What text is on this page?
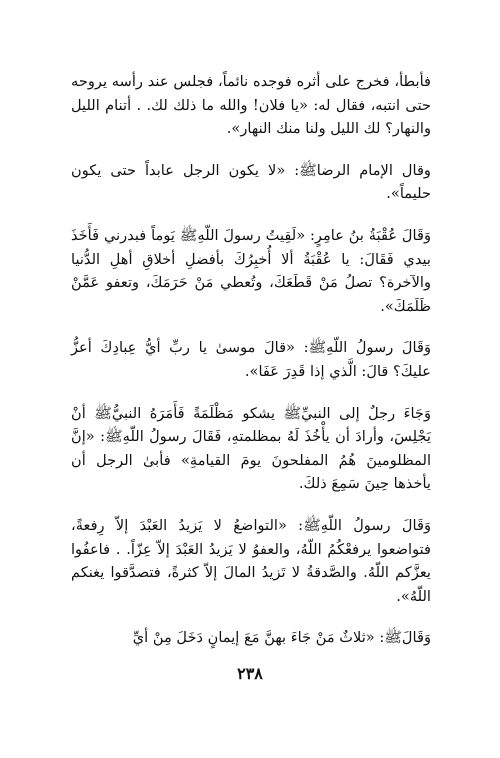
فأبطأ، فخرج على أثره فوجده نائماً، فجلس عند رأسه يروحه حتى انتبه، فقال له: «يا فلان! والله ما ذلك لك. . أتنام الليل والنهار؟ لك الليل ولنا منك النهار».

وقال الإمام الرضاﷺ: «لا يكون الرجل عابداً حتى يكون حليماً».

وَقَالَ عُقْبَةُ بنُ عامِرٍ: «لَقِيتُ رسولَ اللّهِﷺ يَوماً فبدرني فَأَخَذَ بيدي فَقَالَ: يا عُقْبَةُ ألا أُخبِرُكَ بأفضلِ أخلاقِ أهلِ الدُّنيا والآخرة؟ تصلُ مَنْ قَطَعَكَ، وتُعطي مَنْ حَرَمَكَ، وتعفو عَمَّنْ ظَلَمَكَ».

وَقَالَ رسولُ اللّهِﷺ: «قالَ موسىٰ يا ربِّ أيُّ عِبادِكَ أعزُّ عليكَ؟ قالَ: الَّذي إذا قَدِرَ عَفَا».

وَجَاءَ رجلٌ إلى النبيِّﷺ يشكو مَظْلَمَةً فَأَمَرَهُ النبيُّﷺ أنْ يَجْلِسَ، وأرادَ أن يأْخُذَ لَهُ بمظلمتهِ، فَقَالَ رسولُ اللّهِﷺ: «إنَّ المظلومينَ هُمُ المفلحونَ يومَ القيامةِ» فأبىٰ الرجل أن يأخذها حِينَ سَمِعَ ذلكَ.

وَقَالَ رسولُ اللّهِﷺ: «التواضعُ لا يَزيدُ العَبْدَ إلاّ رِفعةً، فتواضعوا يرفعْكُمُ اللّهُ، والعفوُ لا يَزيدُ العَبْدَ إلاّ عِزّاً. . فاعفُوا يعزَّكم اللّهُ. والصَّدقةُ لا تَزيدُ المالَ إلاّ كثرةً، فتصدَّقوا يغنكم اللّهُ».

وَقَالَﷺ: «ثلاثٌ مَنْ جَاءَ بهنَّ مَعَ إيمانٍ دَخَلَ مِنْ أيِّ

٢٣٨
